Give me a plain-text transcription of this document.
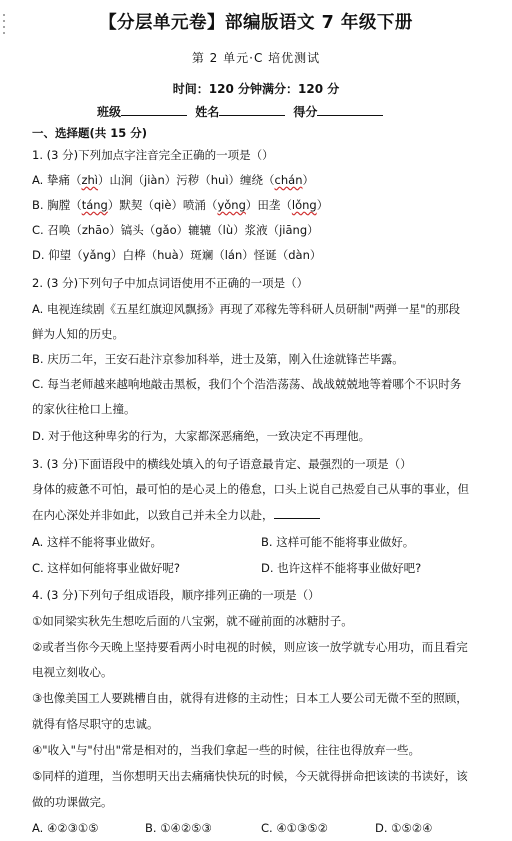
【分层单元卷】部编版语文 7 年级下册
第 2 单元·C 培优测试
时间：120 分钟满分：120 分
班级	姓名	得分
一、选择题(共 15 分)
1. (3 分)下列加点字注音完全正确的一项是（）
A. 挚痛（zhì）山涧（jiàn）污秽（huì）缠绕（chán）
B. 胸膛（táng）默契（qiè）喷涌（yǒng）田垄（lǒng）
C. 召唤（zhāo）镐头（gǎo）辘辘（lù）浆液（jiāng）
D. 仰望（yǎng）白桦（huà）斑斓（lán）怪诞（dàn）
2. (3 分)下列句子中加点词语使用不正确的一项是（）
A. 电视连续剧《五星红旗迎风飘扬》再现了邓稼先等科研人员研制"两弹一星"的那段
鲜为人知的历史。
B. 庆历二年，王安石赴汴京参加科举，进士及第，刚入仕途就锋芒毕露。
C. 每当老师越来越响地敲击黑板，我们个个浩浩荡荡、战战兢兢地等着哪个不识时务
的家伙往枪口上撞。
D. 对于他这种卑劣的行为，大家都深恶痛绝，一致决定不再理他。
3. (3 分)下面语段中的横线处填入的句子语意最肯定、最强烈的一项是（）
身体的疲惫不可怕，最可怕的是心灵上的倦怠，口头上说自己热爱自己从事的事业，但
在内心深处并非如此，以致自己并未全力以赴，
A. 这样不能将事业做好。	B. 这样可能不能将事业做好。
C. 这样如何能将事业做好呢?	D. 也许这样不能将事业做好吧?
4. (3 分)下列句子组成语段，顺序排列正确的一项是（）
①如同梁实秋先生想吃后面的八宝粥，就不碰前面的冰糖肘子。
②或者当你今天晚上坚持要看两小时电视的时候，则应该一放学就专心用功，而且看完
电视立刻收心。
③也像美国工人要跳槽自由，就得有进修的主动性；日本工人要公司无微不至的照顾，
就得有恪尽职守的忠诚。
④"收入"与"付出"常是相对的，当我们拿起一些的时候，往往也得放弃一些。
⑤同样的道理，当你想明天出去痛痛快快玩的时候，今天就得拼命把该读的书读好，该
做的功课做完。
A. ④②③①⑤	B. ①④②⑤③	C. ④①③⑤②	D. ①⑤②④
